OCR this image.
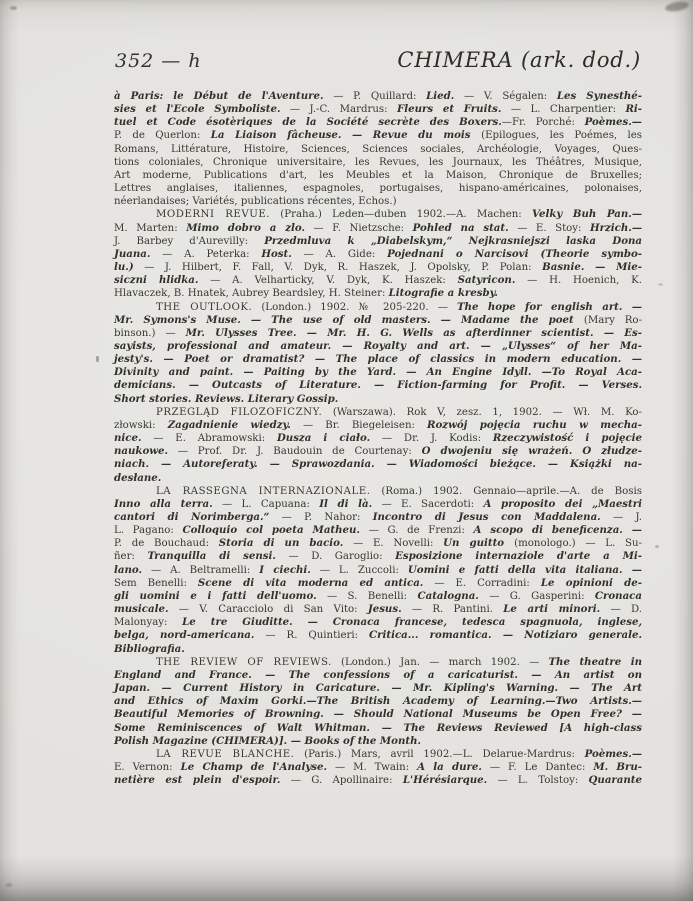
352 — h	CHIMERA (ark. dod.)
à Paris: le Début de l'Aventure. — P. Quillard: Lied. — V. Ségalen: Les Synesthé-
sies et l'Ecole Symboliste. — J.-C. Mardrus: Fleurs et Fruits. — L. Charpentier: Ri-
tuel et Code ésotèriques de la Société secrète des Boxers.—Fr. Porché: Poèmes.—
P. de Querlon: La Liaison fâcheuse. — Revue du mois (Epilogues, les Poémes, les
Romans, Littérature, Histoire, Sciences, Sciences sociales, Archéologie, Voyages, Ques-
tions coloniales, Chronique universitaire, les Revues, les Journaux, les Théâtres, Musique,
Art moderne, Publications d'art, les Meubles et la Maison, Chronique de Bruxelles;
Lettres anglaises, italiennes, espagnoles, portugaises, hispano-américaines, polonaises,
néerlandaises; Variétés, publications récentes, Echos.)
MODERNI REVUE. (Praha.) Leden—duben 1902.—A. Machen: Velky Buh Pan.—
M. Marten: Mimo dobro a zlo. — F. Nietzsche: Pohled na stat. — E. Stoy: Hrzich.—
J. Barbey d'Aurevilly: Przedmluva k „Diabelskym,“ Nejkrasniejszi laska Dona
Juana. — A. Peterka: Host. — A. Gide: Pojednani o Narcisovi (Theorie symbo-
lu.) — J. Hilbert, F. Fall, V. Dyk, R. Haszek, J. Opolsky, P. Polan: Basnie. — Mie-
siczni hlidka. — A. Velharticky, V. Dyk, K. Haszek: Satyricon. — H. Hoenich, K.
Hlavaczek, B. Hnatek, Aubrey Beardsley, H. Steiner: Litografie a kresby.
THE OUTLOOK. (London.) 1902. № 205-220. — The hope for english art. —
Mr. Symons's Muse. — The use of old masters. — Madame the poet (Mary Ro-
binson.) — Mr. Ulysses Tree. — Mr. H. G. Wells as afterdinner scientist. — Es-
sayists, professional and amateur. — Royalty and art. — „Ulysses“ of her Ma-
jesty's. — Poet or dramatist? — The place of classics in modern education. —
Divinity and paint. — Paiting by the Yard. — An Engine Idyll. —To Royal Aca-
demicians. — Outcasts of Literature. — Fiction-farming for Profit. — Verses.
Short stories. Reviews. Literary Gossip.
PRZEGLĄD FILOZOFICZNY. (Warszawa). Rok V, zesz. 1, 1902. — Wł. M. Ko-
złowski: Zagadnienie wiedzy. — Br. Biegeleisen: Rozwój pojęcia ruchu w mecha-
nice. — E. Abramowski: Dusza i ciało. — Dr. J. Kodis: Rzeczywistość i pojęcie
naukowe. — Prof. Dr. J. Baudouin de Courtenay: O dwojeniu się wrażeń. O złudze-
niach. — Autoreferaty. — Sprawozdania. — Wiadomości bieżące. — Książki na-
desłane.
LA RASSEGNA INTERNAZIONALE. (Roma.) 1902. Gennaio—aprile.—A. de Bosis
Inno alla terra. — L. Capuana: Il di là. — E. Sacerdoti: A proposito dei „Maestri
cantori di Norimberga.“ — P. Nahor: Incontro di Jesus con Maddalena. — J.
L. Pagano: Colloquio col poeta Matheu. — G. de Frenzi: A scopo di beneficenza. —
P. de Bouchaud: Storia di un bacio. — E. Novelli: Un guitto (monologo.) — L. Su-
ñer: Tranquilla di sensi. — D. Garoglio: Esposizione internaziole d'arte a Mi-
lano. — A. Beltramelli: I ciechi. — L. Zuccoli: Uomini e fatti della vita italiana. —
Sem Benelli: Scene di vita moderna ed antica. — E. Corradini: Le opinioni de-
gli uomini e i fatti dell'uomo. — S. Benelli: Catalogna. — G. Gasperini: Cronaca
musicale. — V. Caracciolo di San Vito: Jesus. — R. Pantini. Le arti minori. — D.
Malonyay: Le tre Giuditte. — Cronaca francese, tedesca spagnuola, inglese,
belga, nord-americana. — R. Quintieri: Critica... romantica. — Notiziaro generale.
Bibliografia.
THE REVIEW OF REVIEWS. (London.) Jan. — march 1902. — The theatre in
England and France. — The confessions of a caricaturist. — An artist on
Japan. — Current History in Caricature. — Mr. Kipling's Warning. — The Art
and Ethics of Maxim Gorki.—The British Academy of Learning.—Two Artists.—
Beautiful Memories of Browning. — Should National Museums be Open Free? —
Some Reminiscences of Walt Whitman. — The Reviews Reviewed [A high-class
Polish Magazine (CHIMERA)]. — Books of the Month.
LA REVUE BLANCHE. (Paris.) Mars, avril 1902.—L. Delarue-Mardrus: Poèmes.—
E. Vernon: Le Champ de l'Analyse. — M. Twain: A la dure. — F. Le Dantec: M. Bru-
netière est plein d'espoir. — G. Apollinaire: L'Hérésiarque. — L. Tolstoy: Quarante
